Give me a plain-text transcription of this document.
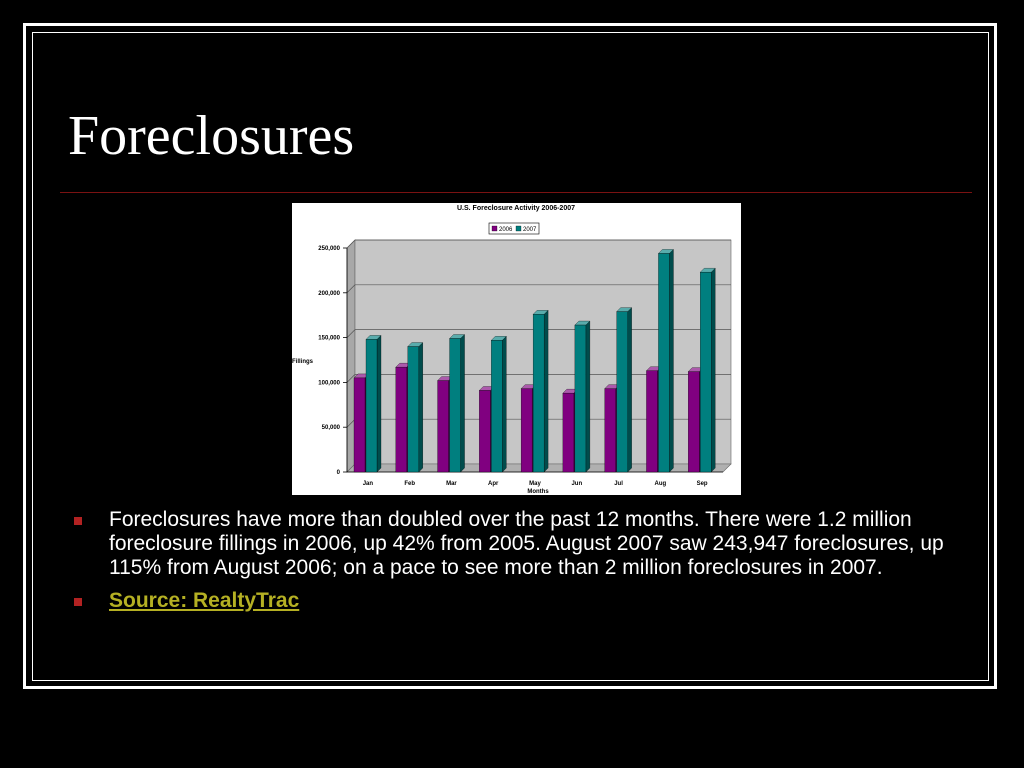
Foreclosures
0
50,000
100,000
150,000
200,000
250,000
Jan	Feb	Mar	Apr	May	Jun	Jul	Aug	Sep
U.S. Foreclosure Activity 2006-2007
Fillings
Months
2006 2007
Foreclosures have more than doubled over the past 12 months. There were 1.2 million foreclosure fillings in 2006, up 42% from 2005. August 2007 saw 243,947 foreclosures, up 115% from August 2006; on a pace to see more than 2 million foreclosures in 2007.
Source: RealtyTrac
